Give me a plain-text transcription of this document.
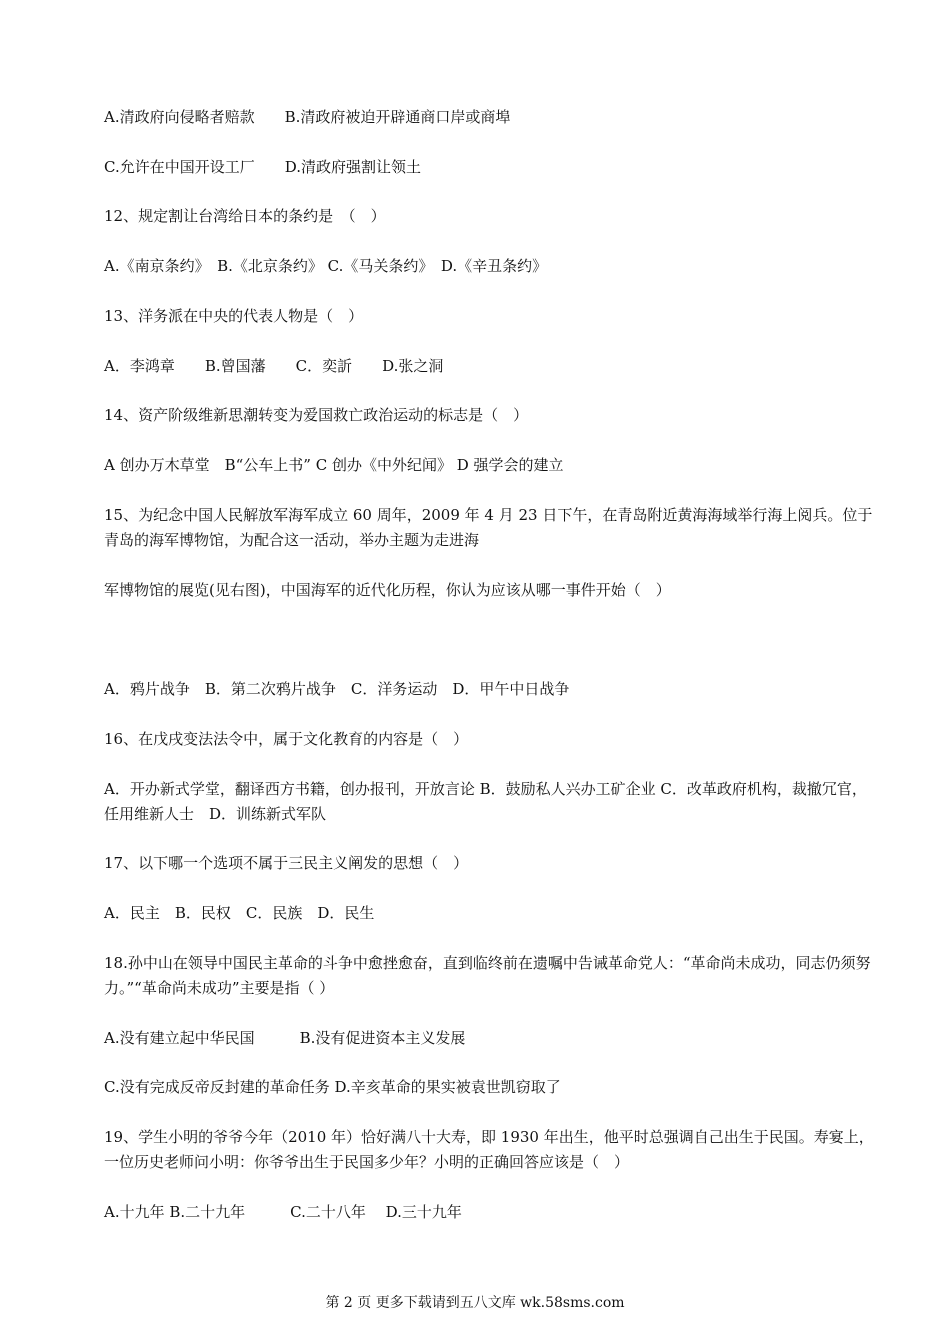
A.清政府向侵略者赔款　　B.清政府被迫开辟通商口岸或商埠

C.允许在中国开设工厂　　D.清政府强割让领土

12、规定割让台湾给日本的条约是　（　）

A.《南京条约》　B.《北京条约》 C.《马关条约》　D.《辛丑条约》

13、洋务派在中央的代表人物是（　）

A．李鸿章　　B.曾国藩　　C．奕訢　　D.张之洞

14、资产阶级维新思潮转变为爱国救亡政治运动的标志是（　）

A 创办万木草堂　B“公车上书” C 创办《中外纪闻》 D 强学会的建立

15、为纪念中国人民解放军海军成立 60 周年，2009 年 4 月 23 日下午，在青岛附近黄海海域举行海上阅兵。位于青岛的海军博物馆，为配合这一活动，举办主题为走进海

军博物馆的展览(见右图)，中国海军的近代化历程，你认为应该从哪一事件开始（　）

A．鸦片战争　B．第二次鸦片战争　C．洋务运动　D．甲午中日战争

16、在戊戌变法法令中，属于文化教育的内容是（　）

A．开办新式学堂，翻译西方书籍，创办报刊，开放言论 B．鼓励私人兴办工矿企业 C．改革政府机构，裁撤冗官，任用维新人士　D．训练新式军队

17、以下哪一个选项不属于三民主义阐发的思想（　）

A．民主　B．民权　C．民族　D．民生

18.孙中山在领导中国民主革命的斗争中愈挫愈奋，直到临终前在遗嘱中告诫革命党人：“革命尚未成功，同志仍须努力。”“革命尚未成功”主要是指（ ）

A.没有建立起中华民国　　　B.没有促进资本主义发展

C.没有完成反帝反封建的革命任务 D.辛亥革命的果实被袁世凯窃取了

19、学生小明的爷爷今年（2010 年）恰好满八十大寿，即 1930 年出生，他平时总强调自己出生于民国。寿宴上，一位历史老师问小明：你爷爷出生于民国多少年？小明的正确回答应该是（　）

A.十九年 B.二十九年　　　C.二十八年　 D.三十九年

第 2 页 更多下载请到五八文库 wk.58sms.com
